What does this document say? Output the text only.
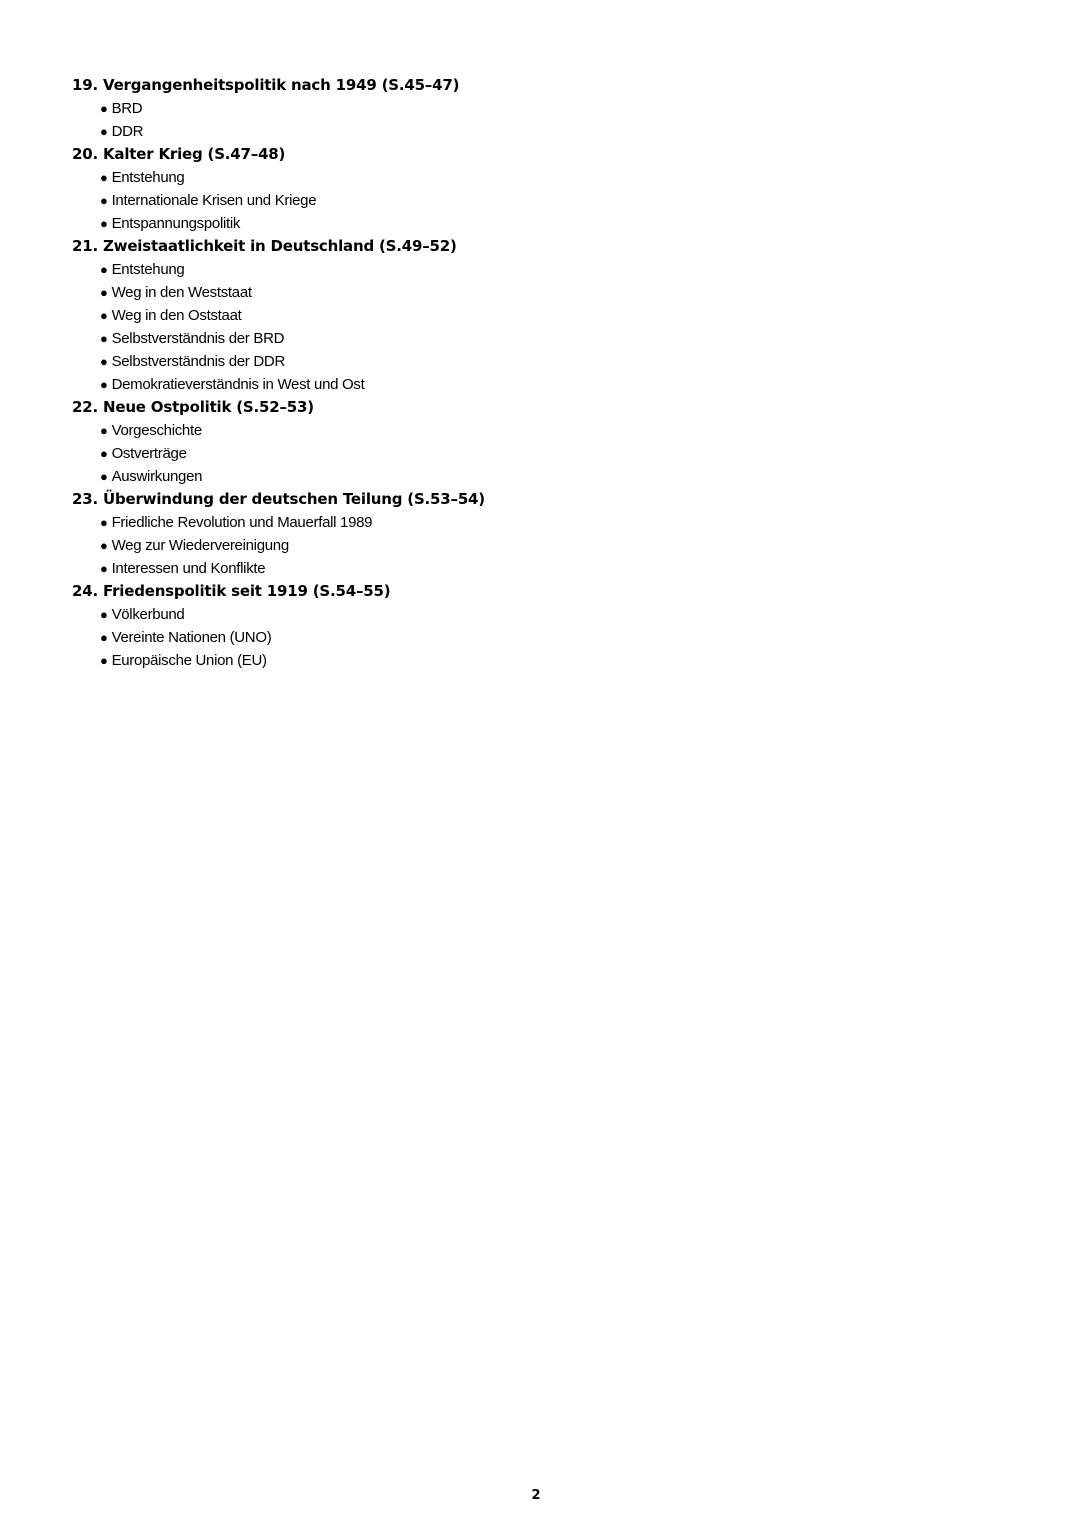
19. Vergangenheitspolitik nach 1949 (S.45–47)
● BRD
● DDR
20. Kalter Krieg (S.47–48)
● Entstehung
● Internationale Krisen und Kriege
● Entspannungspolitik
21. Zweistaatlichkeit in Deutschland (S.49–52)
● Entstehung
● Weg in den Weststaat
● Weg in den Oststaat
● Selbstverständnis der BRD
● Selbstverständnis der DDR
● Demokratieverständnis in West und Ost
22. Neue Ostpolitik (S.52–53)
● Vorgeschichte
● Ostverträge
● Auswirkungen
23. Überwindung der deutschen Teilung (S.53–54)
● Friedliche Revolution und Mauerfall 1989
● Weg zur Wiedervereinigung
● Interessen und Konflikte
24. Friedenspolitik seit 1919 (S.54–55)
● Völkerbund
● Vereinte Nationen (UNO)
● Europäische Union (EU)
2
